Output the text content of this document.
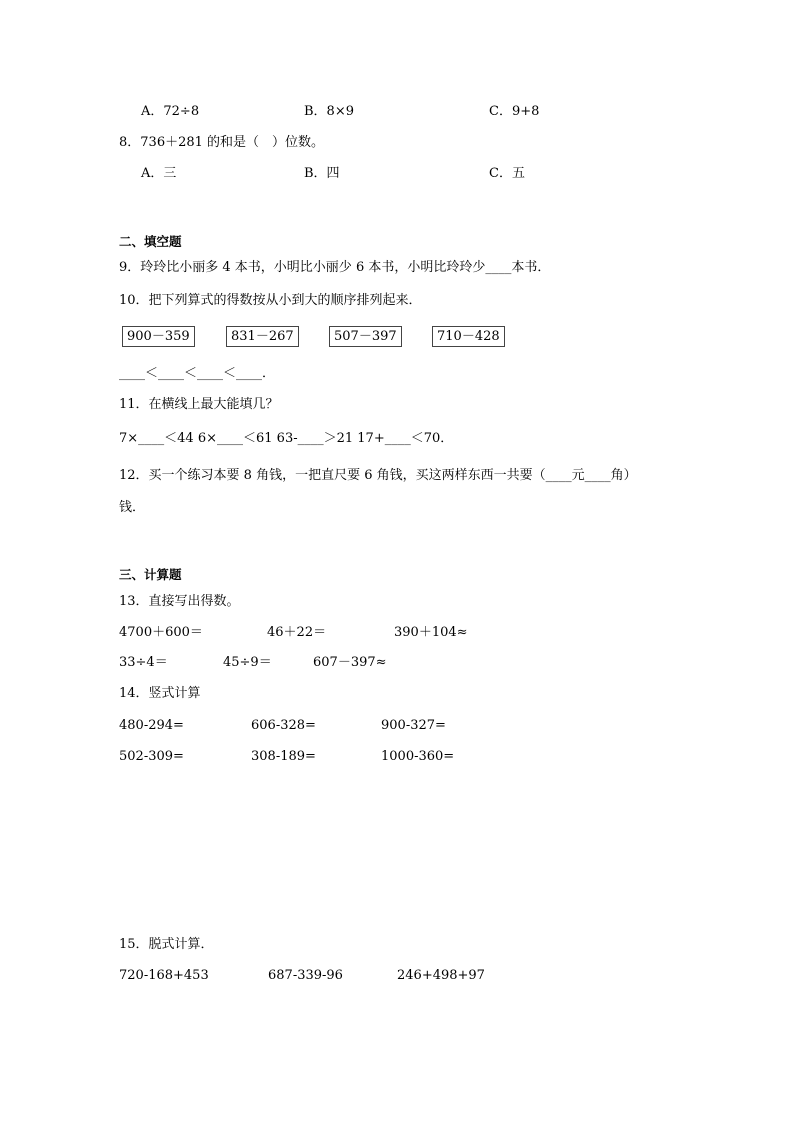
A．72÷8	B．8×9	C．9+8
8．736＋281 的和是（　）位数。
A．三	B．四	C．五
二、填空题
9．玲玲比小丽多 4 本书，小明比小丽少 6 本书，小明比玲玲少____本书．
10．把下列算式的得数按从小到大的顺序排列起来．
900－359	831－267	507－397	710－428
____＜____＜____＜____．
11．在横线上最大能填几？
7×____＜44 6×____＜61 63-____＞21 17+____＜70．
12．买一个练习本要 8 角钱，一把直尺要 6 角钱，买这两样东西一共要（____元____角）
钱．
三、计算题
13．直接写出得数。
4700＋600＝	46＋22＝	390＋104≈
33÷4＝	45÷9＝	607－397≈
14．竖式计算
480-294=	606-328=	900-327=
502-309=	308-189=	1000-360=
15．脱式计算．
720-168+453	687-339-96	246+498+97
